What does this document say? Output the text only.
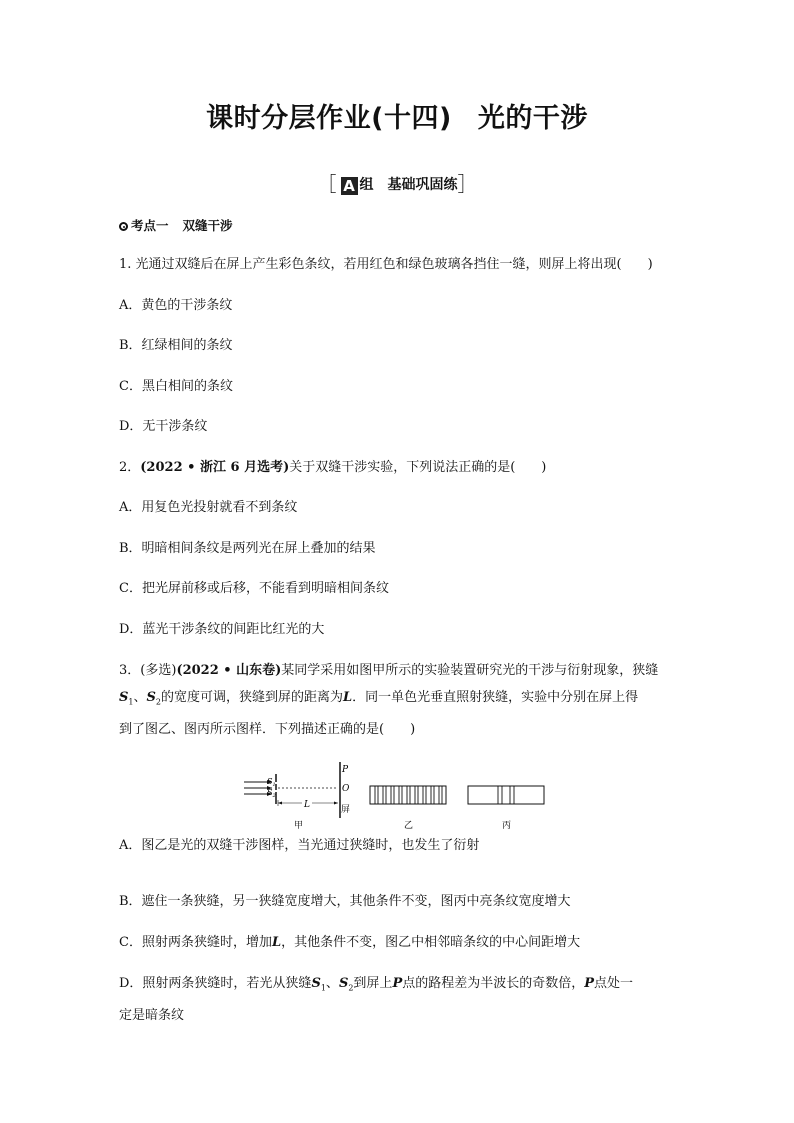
课时分层作业(十四) 光的干涉
［ A 组 基础巩固练］
考点一 双缝干涉
1. 光通过双缝后在屏上产生彩色条纹，若用红色和绿色玻璃各挡住一缝，则屏上将出现(　　)
A．黄色的干涉条纹
B．红绿相间的条纹
C．黑白相间的条纹
D．无干涉条纹
2．(2022 • 浙江 6 月选考)关于双缝干涉实验，下列说法正确的是(　　)
A．用复色光投射就看不到条纹
B．明暗相间条纹是两列光在屏上叠加的结果
C．把光屏前移或后移，不能看到明暗相间条纹
D．蓝光干涉条纹的间距比红光的大

3．(多选)(2022 • 山东卷)某同学采用如图甲所示的实验装置研究光的干涉与衍射现象，狭缝

$S_1$、$S_2$的宽度可调，狭缝到屏的距离为L．同一单色光垂直照射狭缝，实验中分别在屏上得

到了图乙、图丙所示图样．下列描述正确的是(　　)

$S_1$
$S_2$
P
O
屏
L
甲	乙	丙
A．图乙是光的双缝干涉图样，当光通过狭缝时，也发生了衍射
B．遮住一条狭缝，另一狭缝宽度增大，其他条件不变，图丙中亮条纹宽度增大
C．照射两条狭缝时，增加L，其他条件不变，图乙中相邻暗条纹的中心间距增大

D．照射两条狭缝时，若光从狭缝$S_1$、$S_2$到屏上P点的路程差为半波长的奇数倍，P点处一

定是暗条纹
